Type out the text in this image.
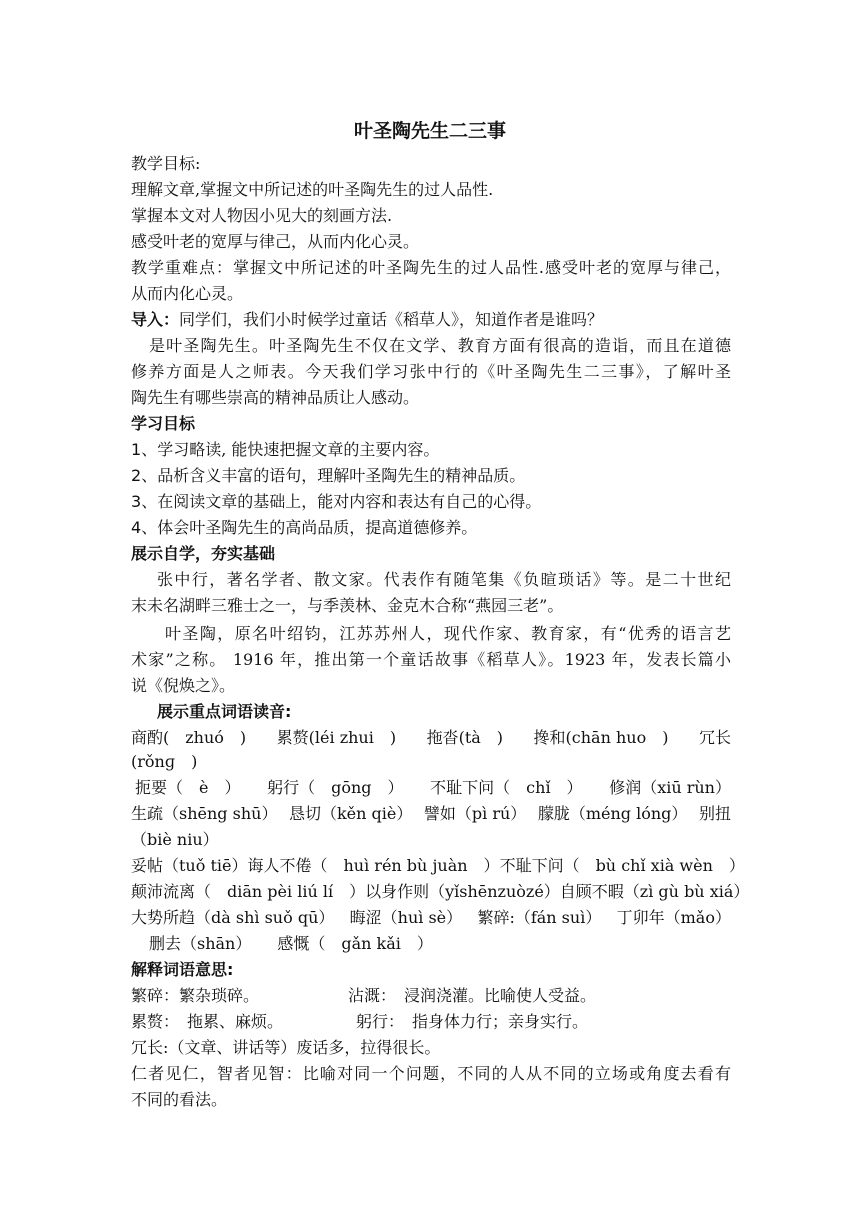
叶圣陶先生二三事
教学目标:
理解文章,掌握文中所记述的叶圣陶先生的过人品性.
掌握本文对人物因小见大的刻画方法.
感受叶老的宽厚与律己，从而内化心灵。
教学重难点：掌握文中所记述的叶圣陶先生的过人品性.感受叶老的宽厚与律己，
从而内化心灵。
导入：同学们，我们小时候学过童话《稻草人》，知道作者是谁吗？
是叶圣陶先生。叶圣陶先生不仅在文学、教育方面有很高的造诣，而且在道德
修养方面是人之师表。今天我们学习张中行的《叶圣陶先生二三事》，了解叶圣
陶先生有哪些崇高的精神品质让人感动。
学习目标
1、学习略读, 能快速把握文章的主要内容。
2、品析含义丰富的语句，理解叶圣陶先生的精神品质。
3、在阅读文章的基础上，能对内容和表达有自己的心得。
4、体会叶圣陶先生的高尚品质，提高道德修养。
展示自学，夯实基础
张中行，著名学者、散文家。代表作有随笔集《负暄琐话》等。是二十世纪
末未名湖畔三雅士之一，与季羡林、金克木合称“燕园三老”。
叶圣陶，原名叶绍钧，江苏苏州人，现代作家、教育家，有“优秀的语言艺
术家”之称。 1916 年，推出第一个童话故事《稻草人》。1923 年，发表长篇小
说《倪焕之》。
展示重点词语读音:
商酌(　zhuó　) 累赘(léi zhui　) 拖沓(tà　) 搀和(chān huo　) 冗长
(rǒnɡ　)
扼要（　è　） 躬行（　gōng　） 不耻下问（　chǐ　） 修润（xiū rùn）
生疏（shēng shū） 恳切（kěn qiè） 譬如（pì rú） 朦胧（méng lóng） 别扭
（biè niu）
妥帖（tuǒ tiē） 诲人不倦（　huì rén bù juàn　） 不耻下问（　bù chǐ xià wèn　）
颠沛流离（　diān pèi liú lí　） 以身作则（yǐshēnzuòzé） 自顾不暇（zì gù bù xiá）
大势所趋（dà shì suǒ qū） 晦涩（huì sè） 繁碎:（fán suì） 丁卯年（mǎo）
删去（shān） 感慨（　gǎn kǎi　）
解释词语意思:
繁碎：繁杂琐碎。	沾溉：　浸润浇灌。比喻使人受益。
累赘：　拖累、麻烦。	躬行：　指身体力行；亲身实行。
冗长:（文章、讲话等）废话多，拉得很长。
仁者见仁，智者见智：比喻对同一个问题，不同的人从不同的立场或角度去看有
不同的看法。
